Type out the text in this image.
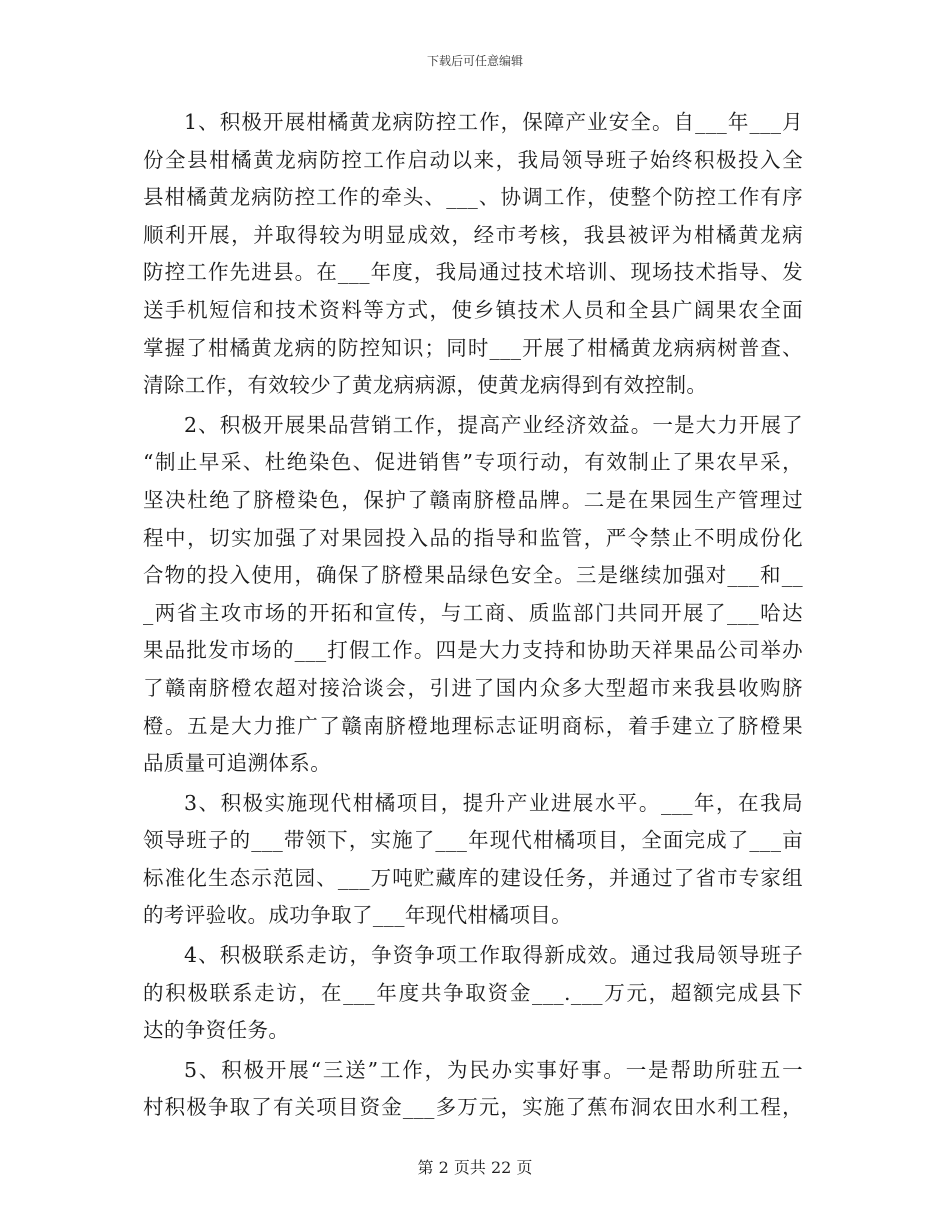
下载后可任意编辑
1、积极开展柑橘黄龙病防控工作，保障产业安全。自___年___月
份全县柑橘黄龙病防控工作启动以来，我局领导班子始终积极投入全
县柑橘黄龙病防控工作的牵头、___、协调工作，使整个防控工作有序
顺利开展，并取得较为明显成效，经市考核，我县被评为柑橘黄龙病
防控工作先进县。在___年度，我局通过技术培训、现场技术指导、发
送手机短信和技术资料等方式，使乡镇技术人员和全县广阔果农全面
掌握了柑橘黄龙病的防控知识；同时___开展了柑橘黄龙病病树普查、
清除工作，有效较少了黄龙病病源，使黄龙病得到有效控制。
2、积极开展果品营销工作，提高产业经济效益。一是大力开展了
“制止早采、杜绝染色、促进销售”专项行动，有效制止了果农早采，
坚决杜绝了脐橙染色，保护了赣南脐橙品牌。二是在果园生产管理过
程中，切实加强了对果园投入品的指导和监管，严令禁止不明成份化
合物的投入使用，确保了脐橙果品绿色安全。三是继续加强对___和__
_两省主攻市场的开拓和宣传，与工商、质监部门共同开展了___哈达
果品批发市场的___打假工作。四是大力支持和协助天祥果品公司举办
了赣南脐橙农超对接洽谈会，引进了国内众多大型超市来我县收购脐
橙。五是大力推广了赣南脐橙地理标志证明商标，着手建立了脐橙果
品质量可追溯体系。
3、积极实施现代柑橘项目，提升产业进展水平。___年，在我局
领导班子的___带领下，实施了___年现代柑橘项目，全面完成了___亩
标准化生态示范园、___万吨贮藏库的建设任务，并通过了省市专家组
的考评验收。成功争取了___年现代柑橘项目。
4、积极联系走访，争资争项工作取得新成效。通过我局领导班子
的积极联系走访，在___年度共争取资金___.___万元，超额完成县下
达的争资任务。
5、积极开展“三送”工作，为民办实事好事。一是帮助所驻五一
村积极争取了有关项目资金___多万元，实施了蕉布洞农田水利工程，
第 2 页共 22 页
